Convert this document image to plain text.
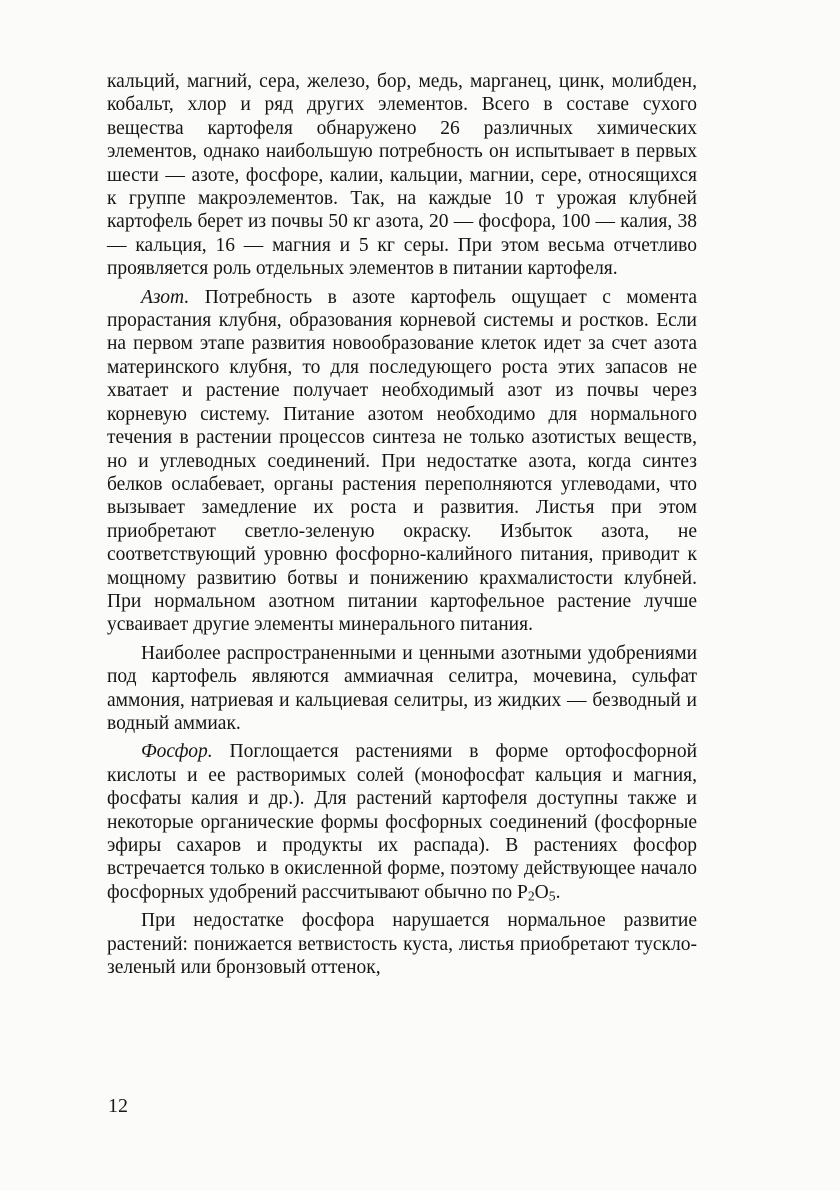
кальций, магний, сера, железо, бор, медь, марганец, цинк, молибден, кобальт, хлор и ряд других элементов. Всего в составе сухого вещества картофеля обнаружено 26 различных химических элементов, однако наибольшую потребность он испытывает в первых шести — азоте, фосфоре, калии, кальции, магнии, сере, относящихся к группе макроэлементов. Так, на каждые 10 т урожая клубней картофель берет из почвы 50 кг азота, 20 — фосфора, 100 — калия, 38 — кальция, 16 — магния и 5 кг серы. При этом весьма отчетливо проявляется роль отдельных элементов в питании картофеля.

Азот. Потребность в азоте картофель ощущает с момента прорастания клубня, образования корневой системы и ростков. Если на первом этапе развития новообразование клеток идет за счет азота материнского клубня, то для последующего роста этих запасов не хватает и растение получает необходимый азот из почвы через корневую систему. Питание азотом необходимо для нормального течения в растении процессов синтеза не только азотистых веществ, но и углеводных соединений. При недостатке азота, когда синтез белков ослабевает, органы растения переполняются углеводами, что вызывает замедление их роста и развития. Листья при этом приобретают светло-зеленую окраску. Избыток азота, не соответствующий уровню фосфорно-калийного питания, приводит к мощному развитию ботвы и понижению крахмалистости клубней. При нормальном азотном питании картофельное растение лучше усваивает другие элементы минерального питания.

Наиболее распространенными и ценными азотными удобрениями под картофель являются аммиачная селитра, мочевина, сульфат аммония, натриевая и кальциевая селитры, из жидких — безводный и водный аммиак.

Фосфор. Поглощается растениями в форме ортофосфорной кислоты и ее растворимых солей (монофосфат кальция и магния, фосфаты калия и др.). Для растений картофеля доступны также и некоторые органические формы фосфорных соединений (фосфорные эфиры сахаров и продукты их распада). В растениях фосфор встречается только в окисленной форме, поэтому действующее начало фосфорных удобрений рассчитывают обычно по $P_2O_5$.

При недостатке фосфора нарушается нормальное развитие растений: понижается ветвистость куста, листья приобретают тускло-зеленый или бронзовый оттенок,

12
